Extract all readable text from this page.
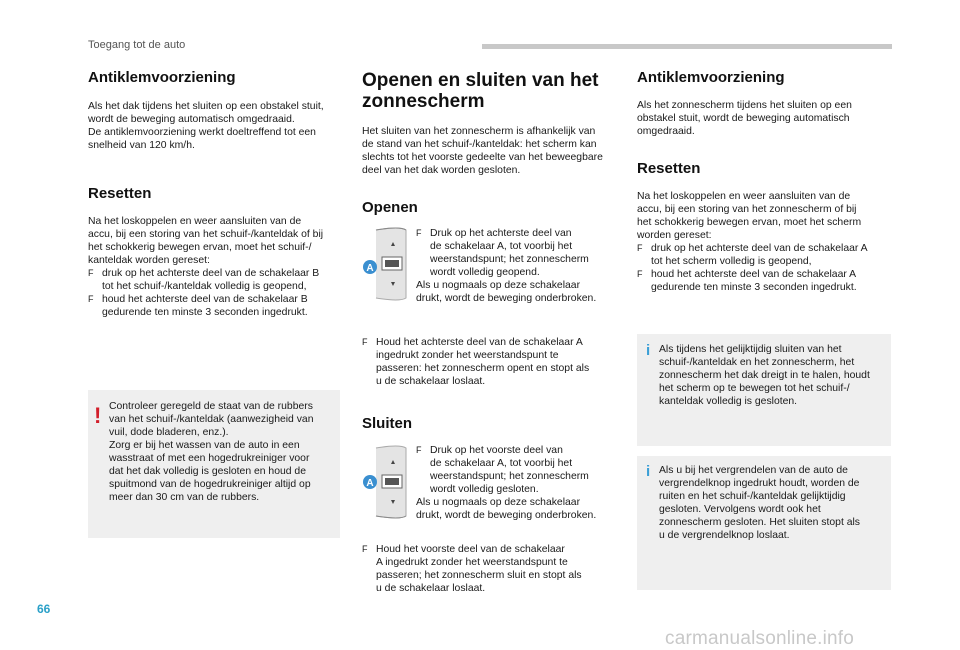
Toegang tot de auto
Antiklemvoorziening

Als het dak tijdens het sluiten op een obstakel stuit,

wordt de beweging automatisch omgedraaid.

De antiklemvoorziening werkt doeltreffend tot een

snelheid van 120 km/h.

Resetten

Na het loskoppelen en weer aansluiten van de

accu, bij een storing van het schuif-/kanteldak of bij

het schokkerig bewegen ervan, moet het schuif-/

kanteldak worden gereset:

F druk op het achterste deel van de schakelaar B
tot het schuif-/kanteldak volledig is geopend,
F houd het achterste deel van de schakelaar B
gedurende ten minste 3 seconden ingedrukt.
! Controleer geregeld de staat van de rubbers

van het schuif-/kanteldak (aanwezigheid van

vuil, dode bladeren, enz.).

Zorg er bij het wassen van de auto in een

wasstraat of met een hogedrukreiniger voor

dat het dak volledig is gesloten en houd de

spuitmond van de hogedrukreiniger altijd op

meer dan 30 cm van de rubbers.

Openen en sluiten van het
zonnescherm

Het sluiten van het zonnescherm is afhankelijk van

de stand van het schuif-/kanteldak: het scherm kan

slechts tot het voorste gedeelte van het beweegbare

deel van het dak worden gesloten.

Openen
A
F Druk op het achterste deel van
de schakelaar A, tot voorbij het
weerstandspunt; het zonnescherm
wordt volledig geopend.

Als u nogmaals op deze schakelaar

drukt, wordt de beweging onderbroken.

F Houd het achterste deel van de schakelaar A
ingedrukt zonder het weerstandspunt te
passeren: het zonnescherm opent en stopt als
u de schakelaar loslaat.
Sluiten
A
F Druk op het voorste deel van
de schakelaar A, tot voorbij het
weerstandspunt; het zonnescherm
wordt volledig gesloten.

Als u nogmaals op deze schakelaar

drukt, wordt de beweging onderbroken.

F Houd het voorste deel van de schakelaar
A ingedrukt zonder het weerstandspunt te
passeren; het zonnescherm sluit en stopt als
u de schakelaar loslaat.
Antiklemvoorziening

Als het zonnescherm tijdens het sluiten op een

obstakel stuit, wordt de beweging automatisch

omgedraaid.

Resetten

Na het loskoppelen en weer aansluiten van de

accu, bij een storing van het zonnescherm of bij

het schokkerig bewegen ervan, moet het scherm

worden gereset:

F druk op het achterste deel van de schakelaar A
tot het scherm volledig is geopend,
F houd het achterste deel van de schakelaar A
gedurende ten minste 3 seconden ingedrukt.
i Als tijdens het gelijktijdig sluiten van het

schuif-/kanteldak en het zonnescherm, het

zonnescherm het dak dreigt in te halen, houdt

het scherm op te bewegen tot het schuif-/

kanteldak volledig is gesloten.

i Als u bij het vergrendelen van de auto de

vergrendelknop ingedrukt houdt, worden de

ruiten en het schuif-/kanteldak gelijktijdig

gesloten. Vervolgens wordt ook het

zonnescherm gesloten. Het sluiten stopt als

u de vergrendelknop loslaat.

66
carmanualsonline.info
